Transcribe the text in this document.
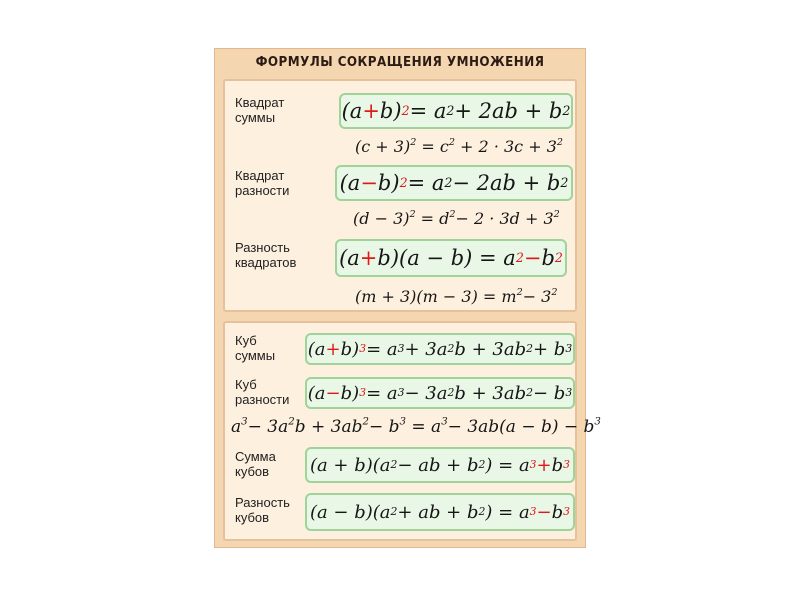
ФОРМУЛЫ СОКРАЩЕНИЯ УМНОЖЕНИЯ
Квадрат
суммы	(a + b) 2 = a 2 + 2ab + b 2
$(c + 3)^2 = c^2 + 2 \cdot 3c + 3^2$
Квадрат
разности (a − b) 2 = a 2 − 2ab + b 2
$(d - 3)^2 = d^2- 2 \cdot 3d + 3^2$
Разность
квадратов (a + b)(a − b) = a 2 − b 2
$(m + 3)(m - 3) = m^2- 3^2$
Куб
суммы (a + b) 3 = a 3 + 3a 2 b + 3ab 2 + b 3
Куб
разности (a − b) 3 = a 3 − 3a 2 b + 3ab 2 − b 3
$a^3- 3a^2b + 3ab^2- b^3 = a^3- 3ab(a - b) - b^3$
Сумма
кубов	(a + b)(a 2 − ab + b 2 ) = a 3 + b 3
Разность
кубов	(a − b)(a 2 + ab + b 2 ) = a 3 − b 3
